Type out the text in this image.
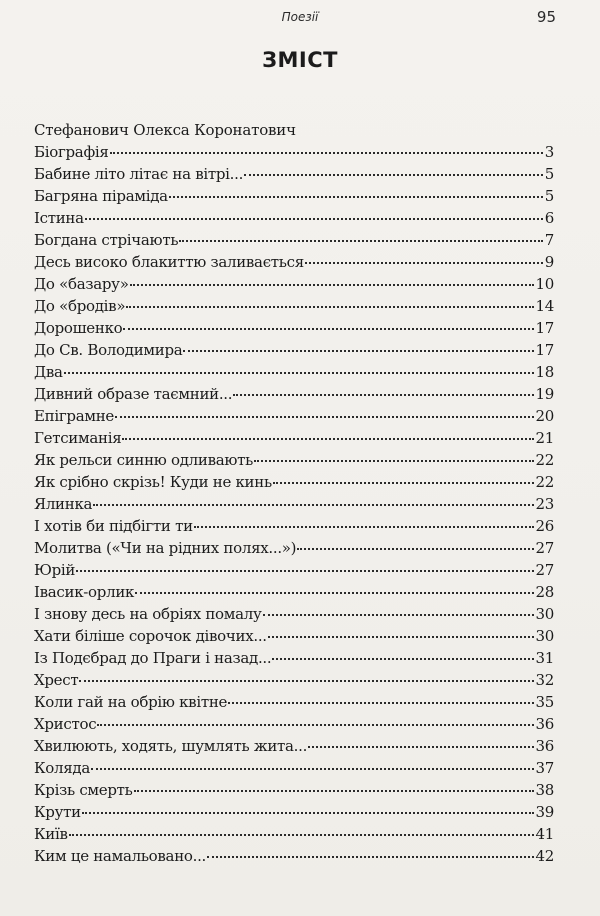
Поезії	95
ЗМІСТ
Стефанович Олекса Коронатович
Біографія	3
Бабине літо літає на вітрі...	5
Багряна піраміда	5
Істина	6
Богдана стрічають	7
Десь високо блакиттю заливається	9
До «базару»	10
До «бродів»	14
Дорошенко	17
До Св. Володимира	17
Два	18
Дивний образе таємний...	19
Епіграмне	20
Гетсиманія	21
Як рельси синню одливають	22
Як срібно скрізь! Куди не кинь	22
Ялинка	23
І хотів би підбігти ти	26
Молитва («Чи на рідних полях...»)	27
Юрій	27
Івасик-орлик	28
І знову десь на обріях помалу	30
Хати біліше сорочок дівочих...	30
Із Подєбрад до Праги і назад...	31
Хрест	32
Коли гай на обрію квітне	35
Христос	36
Хвилюють, ходять, шумлять жита...	36
Коляда	37
Крізь смерть	38
Крути	39
Київ	41
Ким це намальовано...	42
